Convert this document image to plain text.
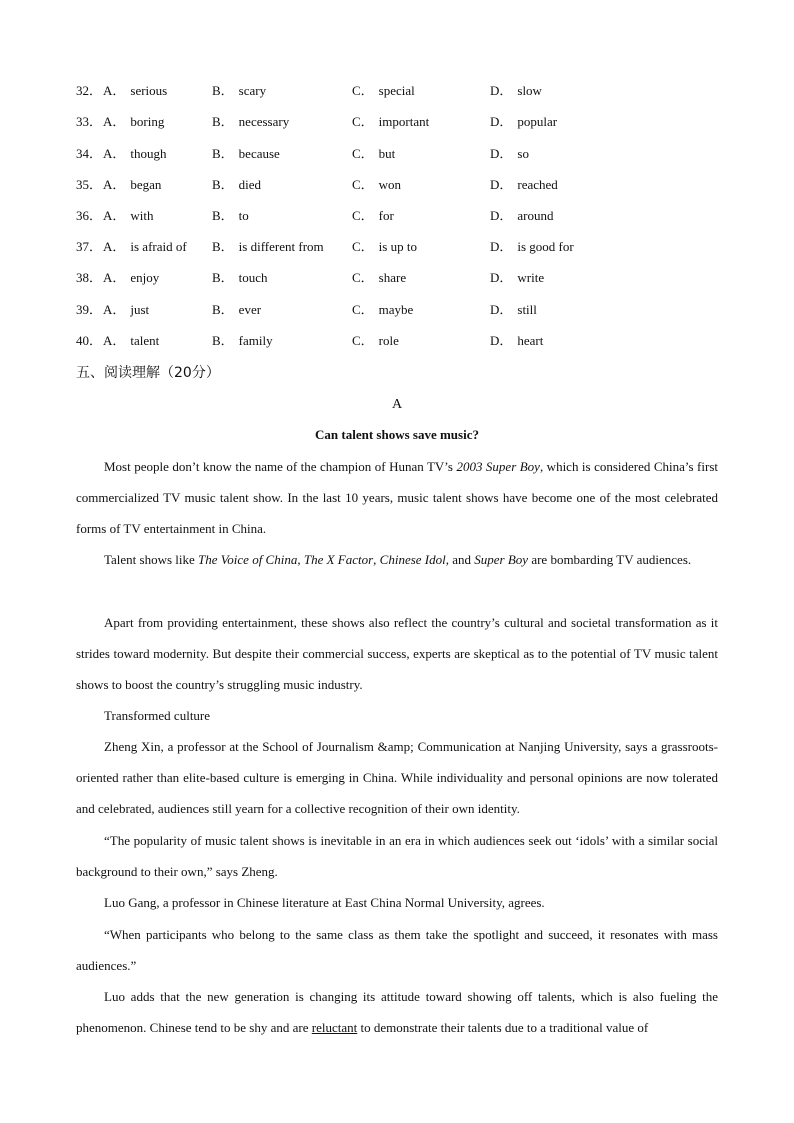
32． A． serious	B． scary	C． special	D． slow
33． A． boring	B． necessary	C． important	D． popular
34． A． though	B． because	C． but	D． so
35． A． began	B． died	C． won	D． reached
36． A． with	B． to	C． for	D． around
37． A． is afraid of B． is different from C． is up to	D． is good for
38． A． enjoy	B． touch	C． share	D． write
39． A． just	B． ever	C． maybe	D． still
40． A． talent	B． family	C． role	D． heart
五、阅读理解（20分）
A
Can talent shows save music?

Most people don’t know the name of the champion of Hunan TV’s 2003 Super Boy, which is considered China’s first commercialized TV music talent show. In the last 10 years, music talent shows have become one of the most celebrated forms of TV entertainment in China.

Talent shows like The Voice of China, The X Factor, Chinese Idol, and Super Boy are bombarding TV audiences.

Apart from providing entertainment, these shows also reflect the country’s cultural and societal transformation as it strides toward modernity. But despite their commercial success, experts are skeptical as to the potential of TV music talent shows to boost the country’s struggling music industry.

Transformed culture

Zheng Xin, a professor at the School of Journalism &amp; Communication at Nanjing University, says a grassroots-oriented rather than elite-based culture is emerging in China. While individuality and personal opinions are now tolerated and celebrated, audiences still yearn for a collective recognition of their own identity.

“The popularity of music talent shows is inevitable in an era in which audiences seek out ‘idols’ with a similar social background to their own,” says Zheng.

Luo Gang, a professor in Chinese literature at East China Normal University, agrees.

“When participants who belong to the same class as them take the spotlight and succeed, it resonates with mass audiences.”

Luo adds that the new generation is changing its attitude toward showing off talents, which is also fueling the phenomenon. Chinese tend to be shy and are reluctant to demonstrate their talents due to a traditional value of
